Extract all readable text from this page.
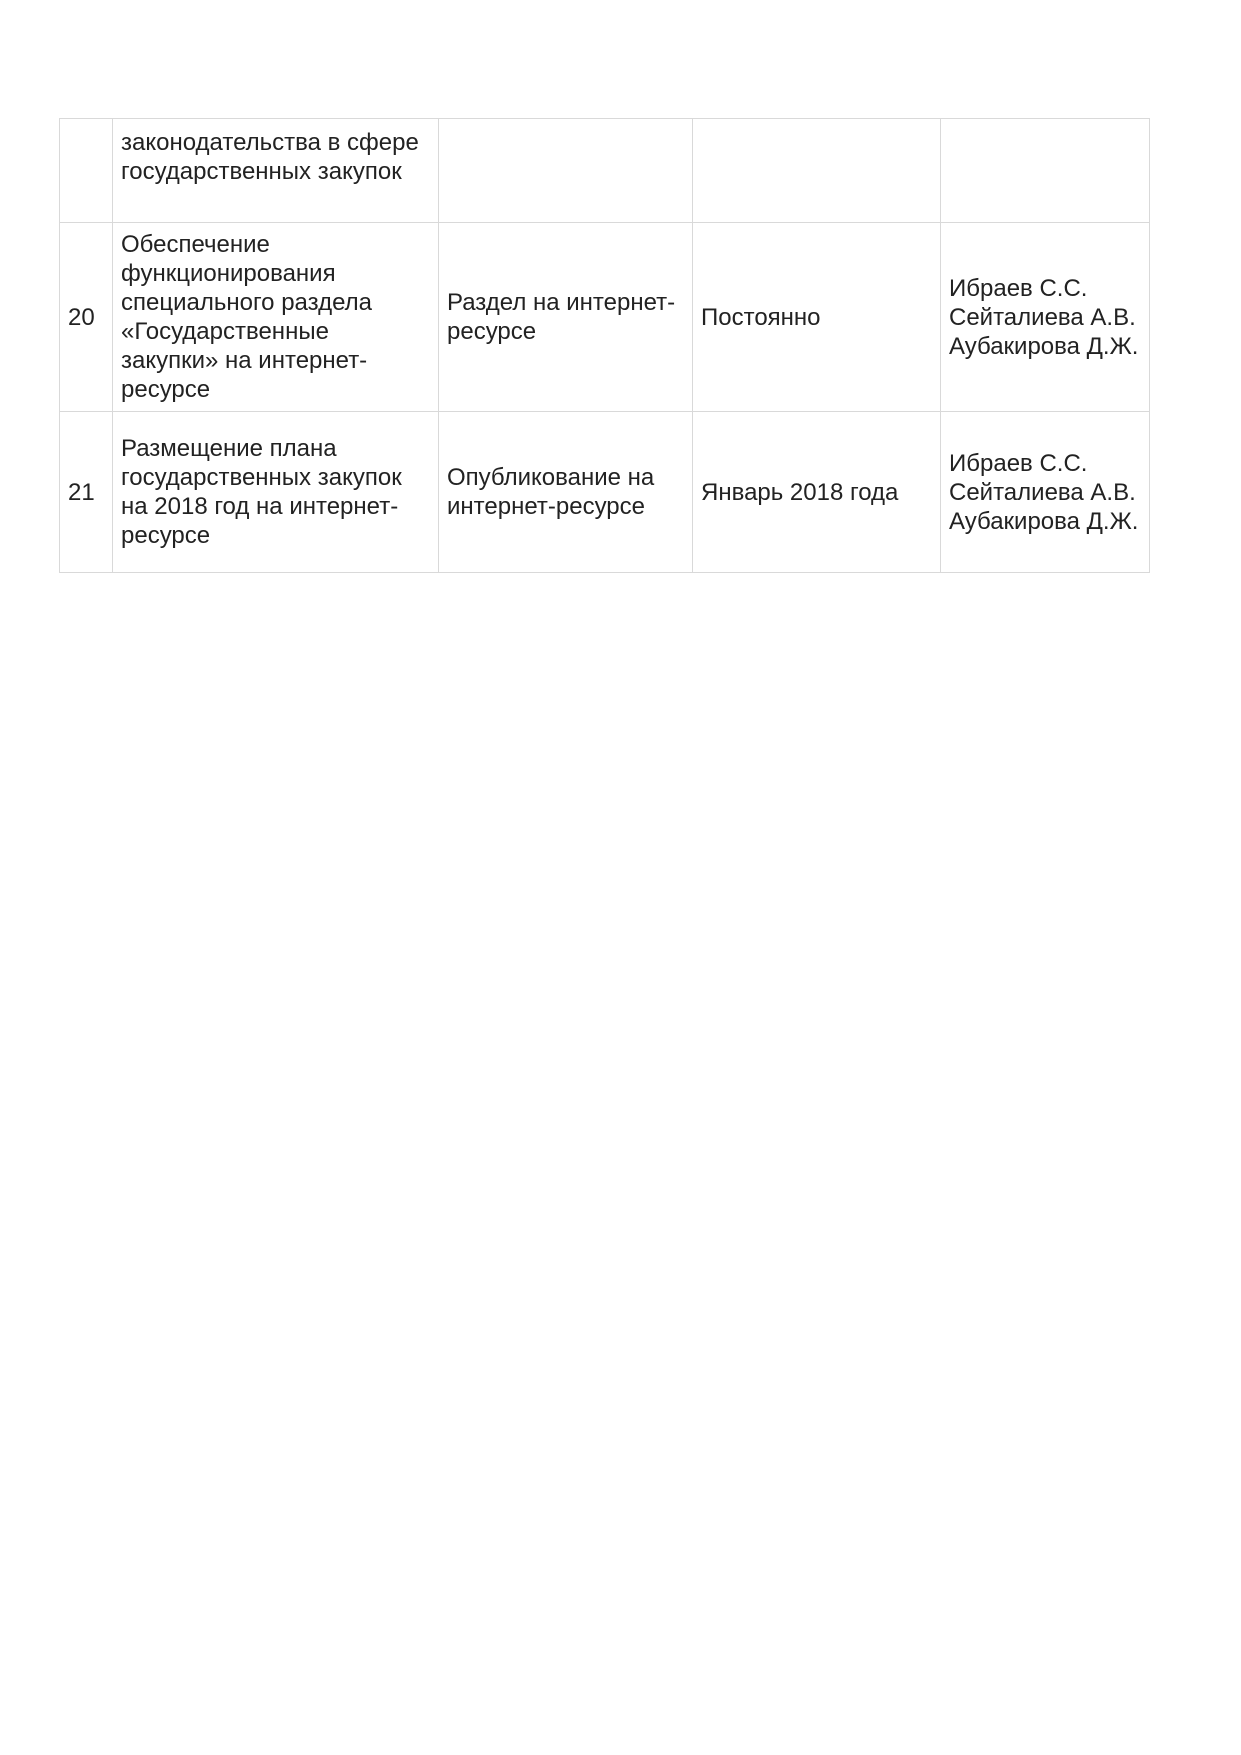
	законодательства в сфере государственных закупок			
20	Обеспечение функционирования специального раздела «Государственные закупки» на интернет-ресурсе	Раздел на интернет-ресурсе	Постоянно	Ибраев С.С.
Сейталиева А.В.
Аубакирова Д.Ж.

21	Размещение плана государственных закупок на 2018 год на интернет-ресурсе	Опубликование на интернет-ресурсе	Январь 2018 года	Ибраев С.С.
Сейталиева А.В.
Аубакирова Д.Ж.
